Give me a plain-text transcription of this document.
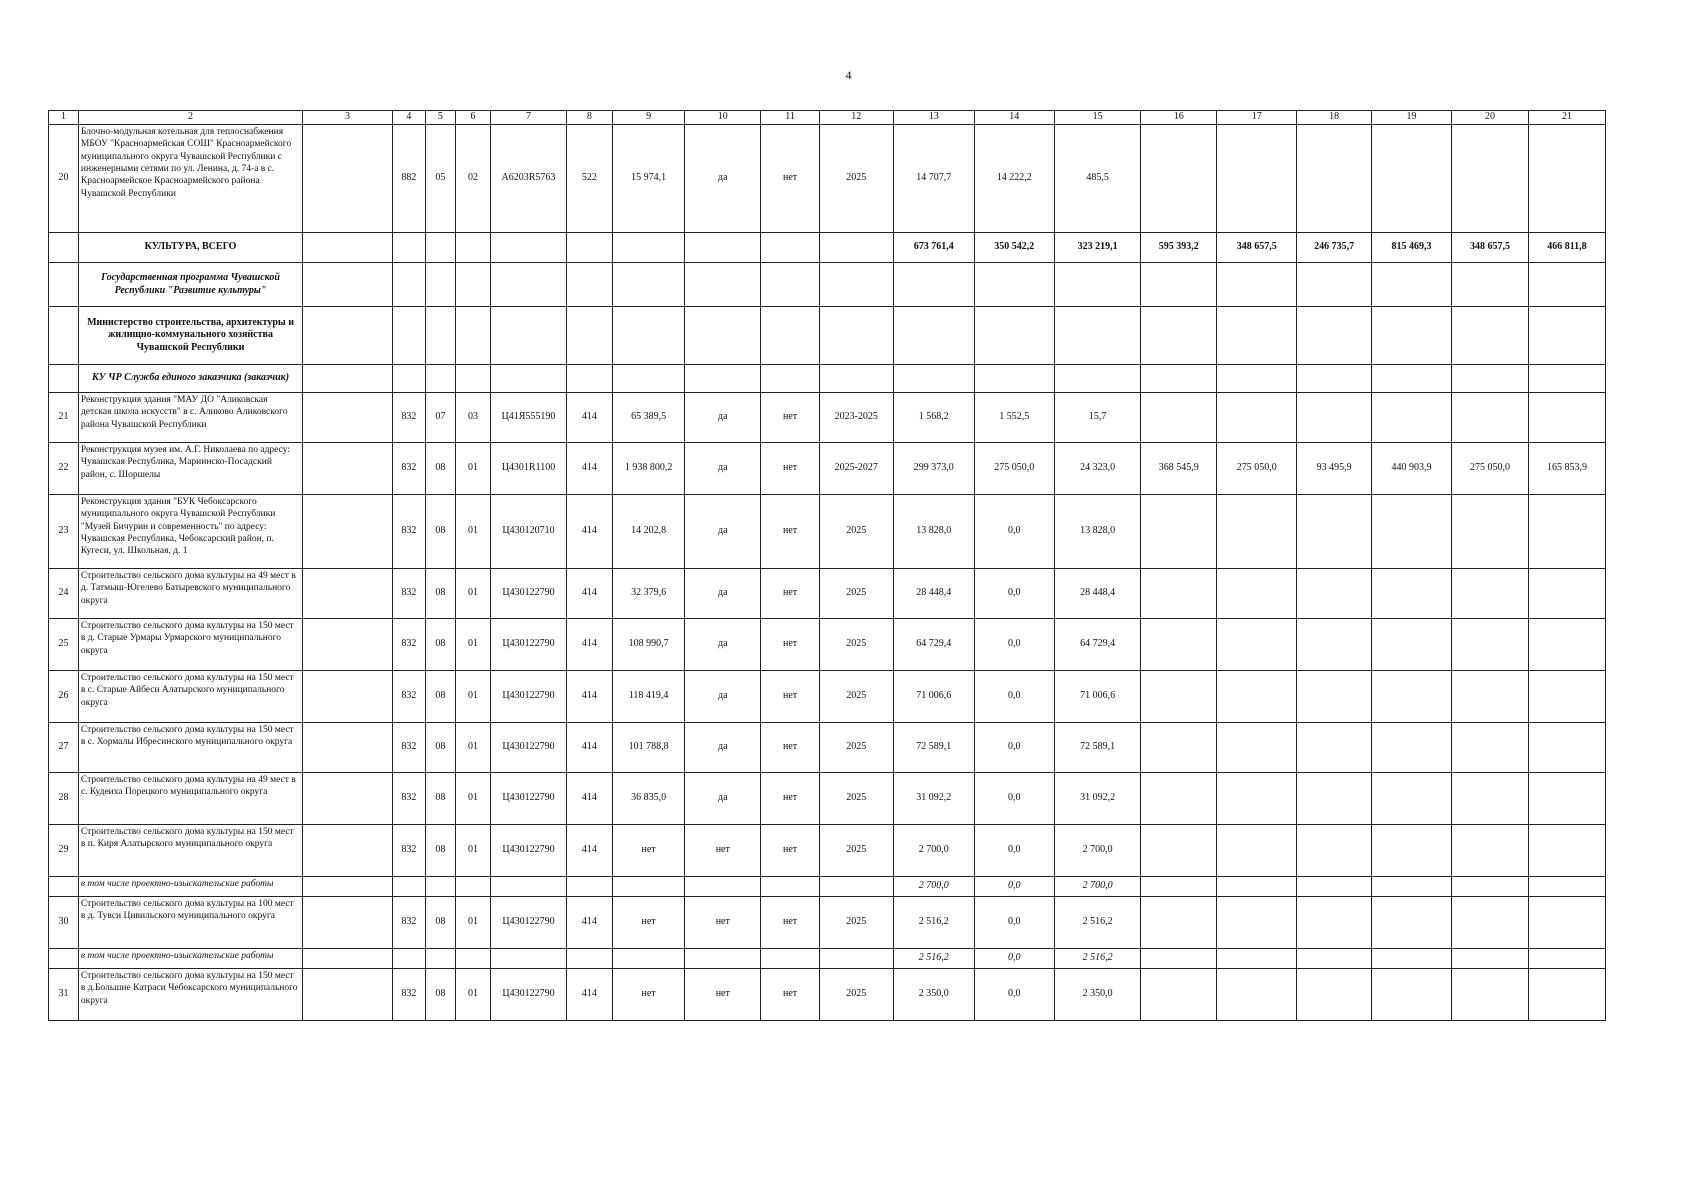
4
1	2	3	4	5	6	7	8	9	10	11	12	13	14	15	16	17	18	19	20	21
20	Блочно-модульная котельная для теплоснабжения МБОУ "Красноармейская СОШ" Красноармейского муниципального округа Чувашской Республики с инженерными сетями по ул. Ленина, д. 74-а в с. Красноармейское Красноармейского района Чувашской Республики		882	05	02	А6203R5763	522	15 974,1	да	нет	2025	14 707,7	14 222,2	485,5						
	КУЛЬТУРА, ВСЕГО											673 761,4	350 542,2	323 219,1	595 393,2	348 657,5	246 735,7	815 469,3	348 657,5	466 811,8
	Государственная программа Чувашской Республики "Развитие культуры"																			
	Министерство строительства, архитектуры и жилищно-коммунального хозяйства Чувашской Республики																			
	КУ ЧР Служба единого заказчика (заказчик)																			
21	Реконструкция здания "МАУ ДО "Аликовская детская школа искусств" в с. Аликово Аликовского района Чувашской Республики		832	07	03	Ц41Я555190	414	65 389,5	да	нет	2023-2025	1 568,2	1 552,5	15,7						
22	Реконструкция музея им. А.Г. Николаева по адресу: Чувашская Республика, Мариинско-Посадский район, с. Шоршелы		832	08	01	Ц4301R1100	414	1 938 800,2	да	нет	2025-2027	299 373,0	275 050,0	24 323,0	368 545,9	275 050,0	93 495,9	440 903,9	275 050,0	165 853,9
23	Реконструкция здания "БУК Чебоксарского муниципального округа Чувашской Республики "Музей Бичурин и современность" по адресу: Чувашская Республика, Чебоксарский район, п. Кугеси, ул. Школьная, д. 1		832	08	01	Ц430120710	414	14 202,8	да	нет	2025	13 828,0	0,0	13 828,0						
24	Строительство сельского дома культуры на 49 мест в д. Татмыш-Югелево Батыревского муниципального округа		832	08	01	Ц430122790	414	32 379,6	да	нет	2025	28 448,4	0,0	28 448,4						
25	Строительство сельского дома культуры на 150 мест в д. Старые Урмары Урмарского муниципального округа		832	08	01	Ц430122790	414	108 990,7	да	нет	2025	64 729,4	0,0	64 729,4						
26	Строительство сельского дома культуры на 150 мест в с. Старые Айбеси Алатырского муниципального округа		832	08	01	Ц430122790	414	118 419,4	да	нет	2025	71 006,6	0,0	71 006,6						
27	Строительство сельского дома культуры на 150 мест в с. Хормалы Ибресинского муниципального округа		832	08	01	Ц430122790	414	101 788,8	да	нет	2025	72 589,1	0,0	72 589,1						
28	Строительство сельского дома культуры на 49 мест в с. Кудеиха Порецкого муниципального округа		832	08	01	Ц430122790	414	36 835,0	да	нет	2025	31 092,2	0,0	31 092,2						
29	Строительство сельского дома культуры на 150 мест в п. Киря Алатырского муниципального округа		832	08	01	Ц430122790	414	нет	нет	нет	2025	2 700,0	0,0	2 700,0						
	в том числе проектно-изыскательские работы											2 700,0	0,0	2 700,0						
30	Строительство сельского дома культуры на 100 мест в д. Тувси Цивильского муниципального округа		832	08	01	Ц430122790	414	нет	нет	нет	2025	2 516,2	0,0	2 516,2						
	в том числе проектно-изыскательские работы											2 516,2	0,0	2 516,2						
31	Строительство сельского дома культуры на 150 мест в д.Большие Катраси Чебоксарского муниципального округа		832	08	01	Ц430122790	414	нет	нет	нет	2025	2 350,0	0,0	2 350,0						
